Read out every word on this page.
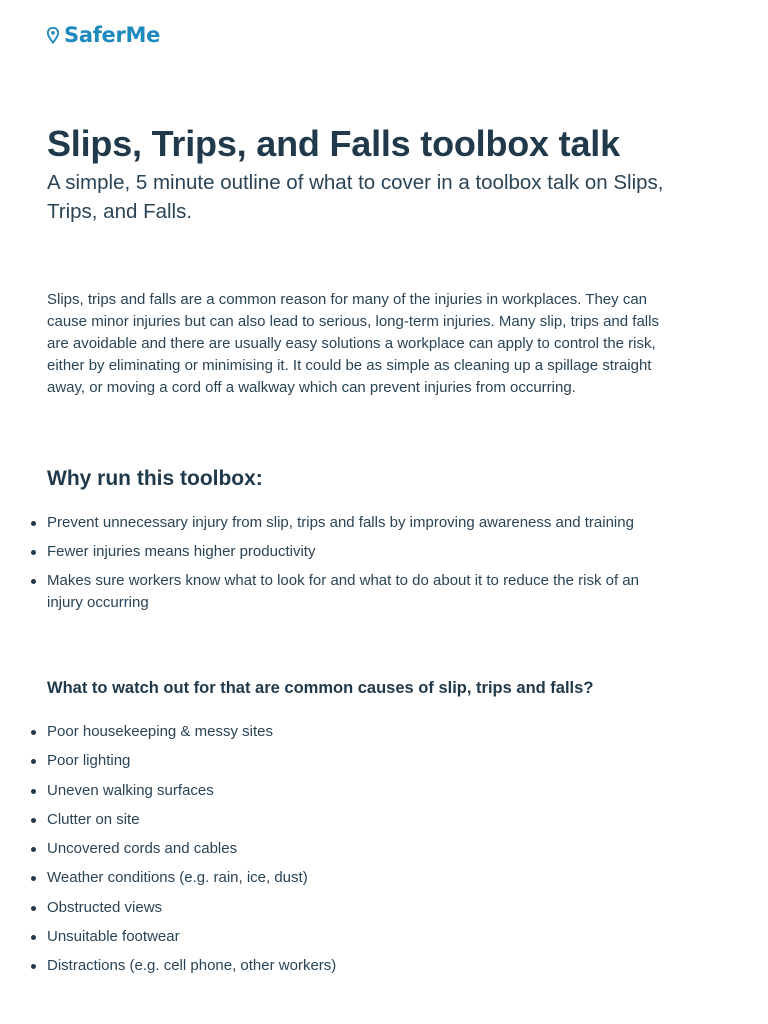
SaferMe
Slips, Trips, and Falls toolbox talk

A simple, 5 minute outline of what to cover in a toolbox talk on Slips, Trips, and Falls.

Slips, trips and falls are a common reason for many of the injuries in workplaces. They can cause minor injuries but can also lead to serious, long-term injuries. Many slip, trips and falls are avoidable and there are usually easy solutions a workplace can apply to control the risk, either by eliminating or minimising it. It could be as simple as cleaning up a spillage straight away, or moving a cord off a walkway which can prevent injuries from occurring.

Why run this toolbox:
Prevent unnecessary injury from slip, trips and falls by improving awareness and training
Fewer injuries means higher productivity
Makes sure workers know what to look for and what to do about it to reduce the risk of an injury occurring
What to watch out for that are common causes of slip, trips and falls?
Poor housekeeping & messy sites
Poor lighting
Uneven walking surfaces
Clutter on site
Uncovered cords and cables
Weather conditions (e.g. rain, ice, dust)
Obstructed views
Unsuitable footwear
Distractions (e.g. cell phone, other workers)
